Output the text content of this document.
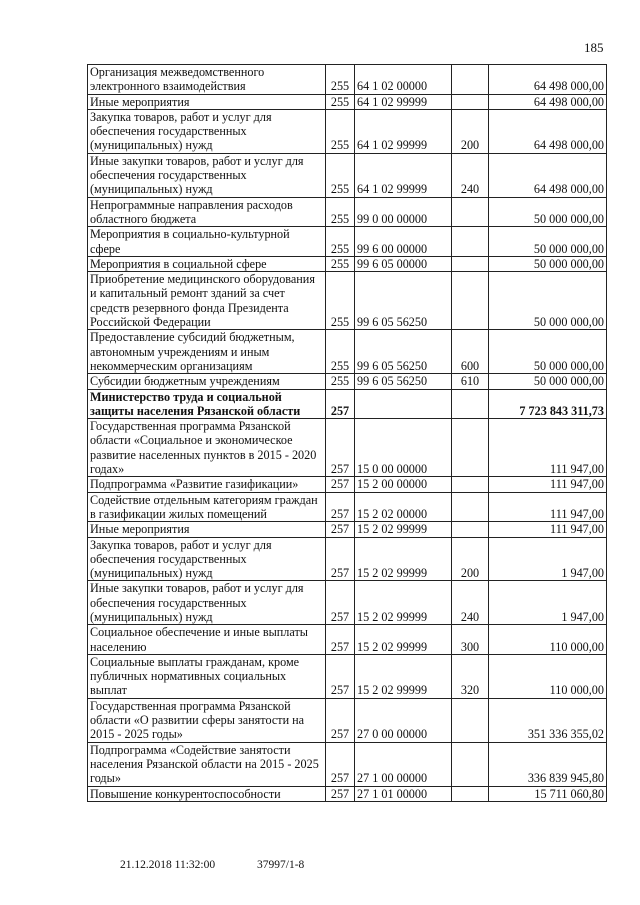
185
Организация межведомственного электронного взаимодействия	255	64 1 02 00000		64 498 000,00
Иные мероприятия	255	64 1 02 99999		64 498 000,00
Закупка товаров, работ и услуг для обеспечения государственных (муниципальных) нужд	255	64 1 02 99999	200	64 498 000,00
Иные закупки товаров, работ и услуг для обеспечения государственных (муниципальных) нужд	255	64 1 02 99999	240	64 498 000,00
Непрограммные направления расходов областного бюджета	255	99 0 00 00000		50 000 000,00
Мероприятия в социально-культурной сфере	255	99 6 00 00000		50 000 000,00
Мероприятия в социальной сфере	255	99 6 05 00000		50 000 000,00
Приобретение медицинского оборудования и капитальный ремонт зданий за счет средств резервного фонда Президента Российской Федерации	255	99 6 05 56250		50 000 000,00
Предоставление субсидий бюджетным, автономным учреждениям и иным некоммерческим организациям	255	99 6 05 56250	600	50 000 000,00
Субсидии бюджетным учреждениям	255	99 6 05 56250	610	50 000 000,00
Министерство труда и социальной защиты населения Рязанской области	257			7 723 843 311,73
Государственная программа Рязанской области «Социальное и экономическое развитие населенных пунктов в 2015 - 2020 годах»	257	15 0 00 00000		111 947,00
Подпрограмма «Развитие газификации»	257	15 2 00 00000		111 947,00
Содействие отдельным категориям граждан в газификации жилых помещений	257	15 2 02 00000		111 947,00
Иные мероприятия	257	15 2 02 99999		111 947,00
Закупка товаров, работ и услуг для обеспечения государственных (муниципальных) нужд	257	15 2 02 99999	200	1 947,00
Иные закупки товаров, работ и услуг для обеспечения государственных (муниципальных) нужд	257	15 2 02 99999	240	1 947,00
Социальное обеспечение и иные выплаты населению	257	15 2 02 99999	300	110 000,00
Социальные выплаты гражданам, кроме публичных нормативных социальных выплат	257	15 2 02 99999	320	110 000,00
Государственная программа Рязанской области «О развитии сферы занятости на 2015 - 2025 годы»	257	27 0 00 00000		351 336 355,02
Подпрограмма «Содействие занятости населения Рязанской области на 2015 - 2025 годы»	257	27 1 00 00000		336 839 945,80
Повышение конкурентоспособности	257	27 1 01 00000		15 711 060,80
21.12.2018 11:32:00	37997/1-8
